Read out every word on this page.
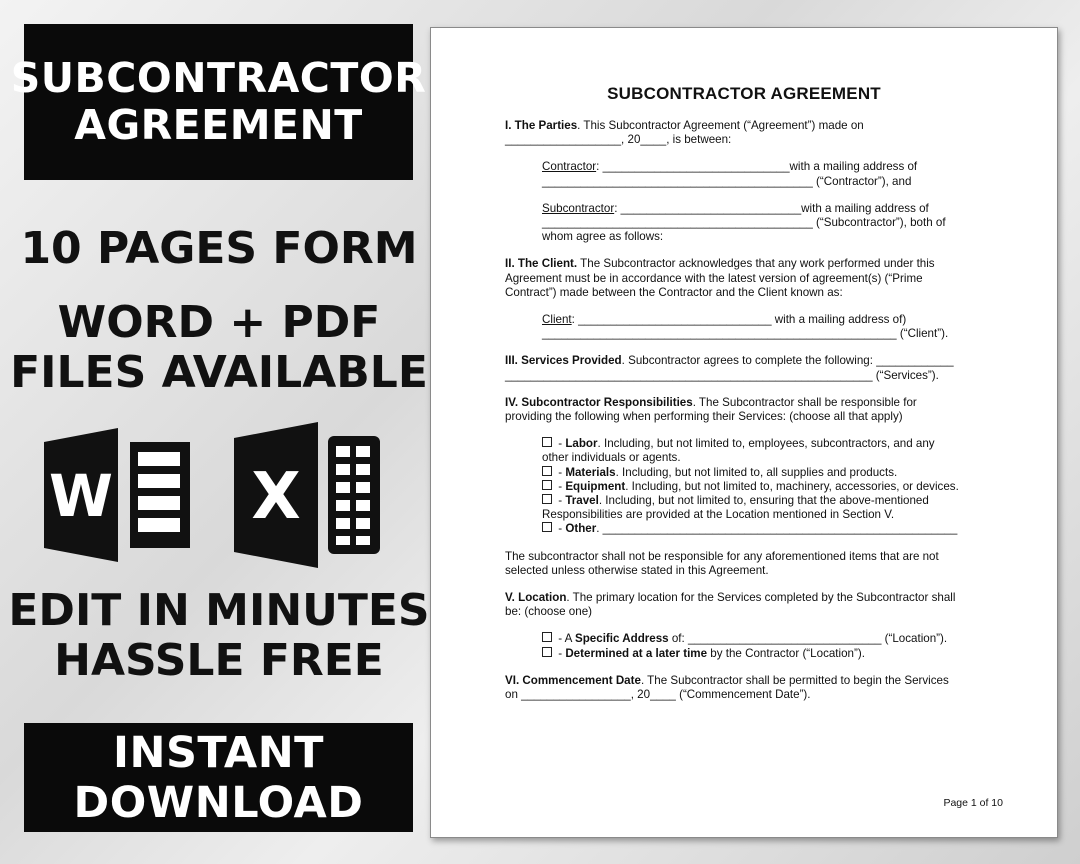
SUBCONTRACTOR
AGREEMENT
10 PAGES FORM
WORD + PDF
FILES AVAILABLE
W X
EDIT IN MINUTES
HASSLE FREE
INSTANT
DOWNLOAD
SUBCONTRACTOR AGREEMENT

I. The Parties. This Subcontractor Agreement (“Agreement”) made on

__________________, 20____, is between:

Contractor: _____________________________with a mailing address of

__________________________________________ (“Contractor”), and

Subcontractor: ____________________________with a mailing address of

__________________________________________ (“Subcontractor”), both of

whom agree as follows:

II. The Client. The Subcontractor acknowledges that any work performed under this

Agreement must be in accordance with the latest version of agreement(s) (“Prime

Contract”) made between the Contractor and the Client known as:

Client: ______________________________ with a mailing address of)

_______________________________________________________ (“Client”).

III. Services Provided. Subcontractor agrees to complete the following: ____________

_________________________________________________________ (“Services”).

IV. Subcontractor Responsibilities. The Subcontractor shall be responsible for

providing the following when performing their Services: (choose all that apply)

- Labor. Including, but not limited to, employees, subcontractors, and any

other individuals or agents.

- Materials. Including, but not limited to, all supplies and products.

- Equipment. Including, but not limited to, machinery, accessories, or devices.

- Travel. Including, but not limited to, ensuring that the above-mentioned

Responsibilities are provided at the Location mentioned in Section V.

- Other. _______________________________________________________

The subcontractor shall not be responsible for any aforementioned items that are not

selected unless otherwise stated in this Agreement.

V. Location. The primary location for the Services completed by the Subcontractor shall

be: (choose one)

- A Specific Address of: ______________________________ (“Location”).

- Determined at a later time by the Contractor (“Location”).

VI. Commencement Date. The Subcontractor shall be permitted to begin the Services

on _________________, 20____ (“Commencement Date”).

Page 1 of 10
